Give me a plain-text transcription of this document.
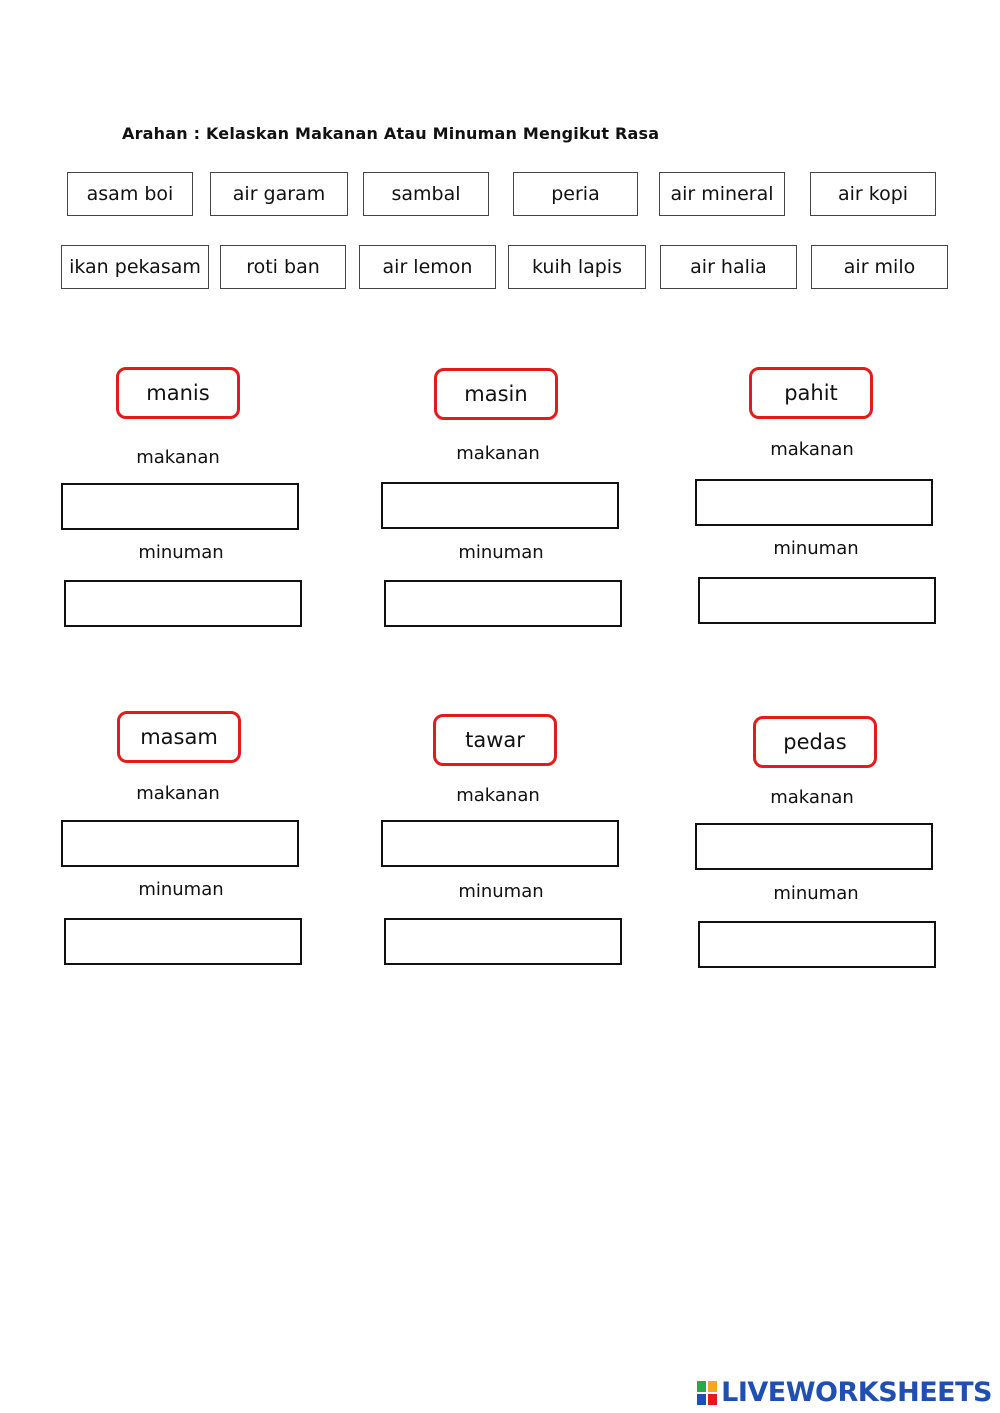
Arahan : Kelaskan Makanan Atau Minuman Mengikut Rasa
asam boi	air garam	sambal	peria	air mineral	air kopi
ikan pekasam	roti ban	air lemon	kuih lapis	air halia	air milo
manis
makanan
minuman
masin
makanan
minuman
pahit
makanan
minuman
masam
makanan
minuman
tawar
makanan
minuman
pedas
makanan
minuman
LIVEWORKSHEETS
